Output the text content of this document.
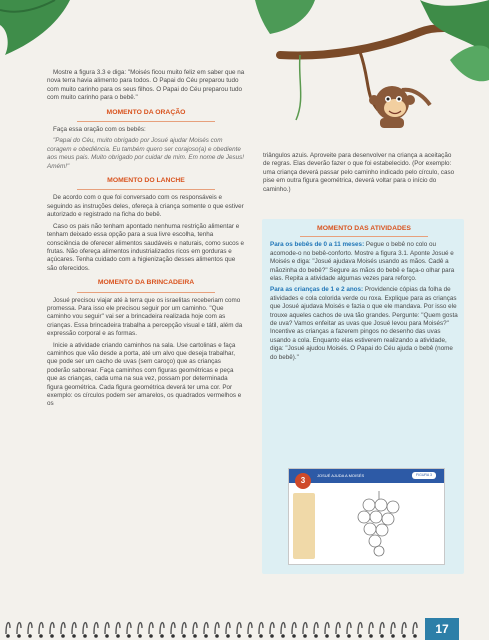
Mostre a figura 3.3 e diga: "Moisés ficou muito feliz em saber que na nova terra havia alimento para todos. O Papai do Céu preparou tudo com muito carinho para os seus filhos. O Papai do Céu preparou tudo com muito carinho para o bebê."

MOMENTO DA ORAÇÃO

Faça essa oração com os bebês:

"Papai do Céu, muito obrigado por Josué ajudar Moisés com coragem e obediência. Eu também quero ser corajoso(a) e obediente aos meus pais. Muito obrigado por cuidar de mim. Em nome de Jesus! Amém!"

MOMENTO DO LANCHE

De acordo com o que foi conversado com os responsáveis e seguindo as instruções deles, ofereça à criança somente o que estiver autorizado e registrado na ficha do bebê.

Caso os pais não tenham apontado nenhuma restrição alimentar e tenham deixado essa opção para a sua livre escolha, tenha consciência de oferecer alimentos saudáveis e naturais, como sucos e frutas. Não ofereça alimentos industrializados ricos em gorduras e açúcares. Tenha cuidado com a higienização desses alimentos que são oferecidos.

MOMENTO DA BRINCADEIRA

Josué precisou viajar até à terra que os israelitas receberiam como promessa. Para isso ele precisou seguir por um caminho. "Que caminho vou seguir" vai ser a brincadeira realizada hoje com as crianças. Essa brincadeira trabalha a percepção visual e tátil, além da expressão corporal e as formas.

Inicie a atividade criando caminhos na sala. Use cartolinas e faça caminhos que vão desde a porta, até um alvo que deseja trabalhar, que pode ser um cacho de uvas (sem caroço) que as crianças poderão saborear. Faça caminhos com figuras geométricas e peça que as crianças, cada uma na sua vez, possam por determinada figura geométrica. Cada figura geométrica deverá ter uma cor. Por exemplo: os círculos podem ser amarelos, os quadrados vermelhos e os

triângulos azuis. Aproveite para desenvolver na criança a aceitação de regras. Elas deverão fazer o que foi estabelecido. (Por exemplo: uma criança deverá passar pelo caminho indicado pelo círculo, caso pise em outra figura geométrica, deverá voltar para o início do caminho.)

MOMENTO DAS ATIVIDADES

Para os bebês de 0 a 11 meses: Pegue o bebê no colo ou acomode-o no bebê-conforto. Mostre a figura 3.1. Aponte Josué e Moisés e diga: "Josué ajudava Moisés usando as mãos. Cadê a mãozinha do bebê?" Segure as mãos do bebê e faça-o olhar para elas. Repita a atividade algumas vezes para reforço.

Para as crianças de 1 e 2 anos: Providencie cópias da folha de atividades e cola colorida verde ou roxa. Explique para as crianças que Josué ajudava Moisés e fazia o que ele mandava. Por isso ele trouxe aqueles cachos de uva tão grandes. Pergunte: "Quem gosta de uva? Vamos enfeitar as uvas que Josué levou para Moisés?" Incentive as crianças a fazerem pingos no desenho das uvas usando a cola. Enquanto elas estiverem realizando a atividade, diga: "Josué ajudou Moisés. O Papai do Céu ajuda o bebê (nome do bebê)."

JOSUÉ AJUDA A MOISÉS
3
FIGURA 3
17
